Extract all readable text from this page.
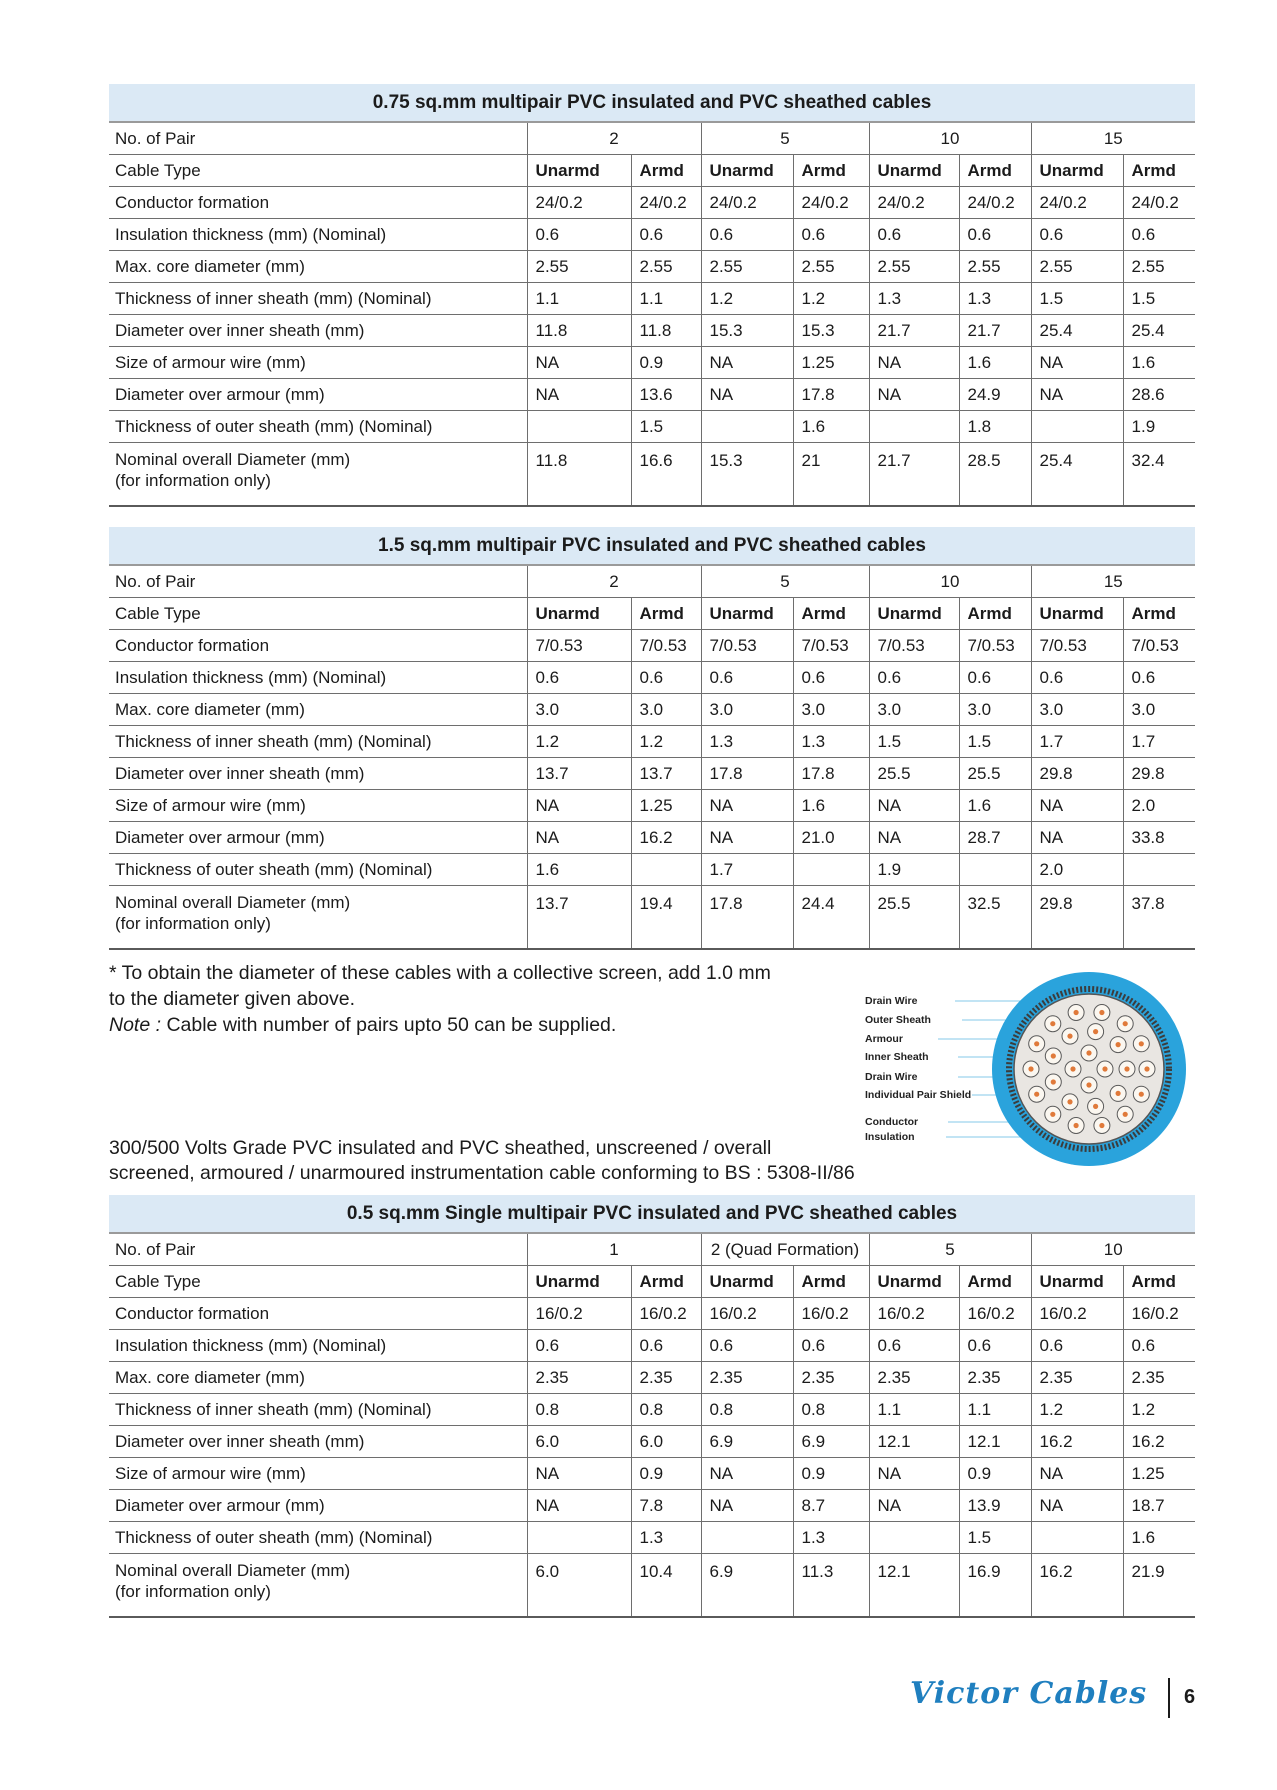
0.75 sq.mm multipair PVC insulated and PVC sheathed cables
No. of Pair	2		5		10		15	
Cable Type	Unarmd	Armd	Unarmd	Armd	Unarmd	Armd	Unarmd	Armd
Conductor formation	24/0.2	24/0.2	24/0.2	24/0.2	24/0.2	24/0.2	24/0.2	24/0.2
Insulation thickness (mm) (Nominal)	0.6	0.6	0.6	0.6	0.6	0.6	0.6	0.6
Max. core diameter (mm)	2.55	2.55	2.55	2.55	2.55	2.55	2.55	2.55
Thickness of inner sheath (mm) (Nominal)	1.1	1.1	1.2	1.2	1.3	1.3	1.5	1.5
Diameter over inner sheath (mm)	11.8	11.8	15.3	15.3	21.7	21.7	25.4	25.4
Size of armour wire (mm)	NA	0.9	NA	1.25	NA	1.6	NA	1.6
Diameter over armour (mm)	NA	13.6	NA	17.8	NA	24.9	NA	28.6
Thickness of outer sheath (mm) (Nominal)		1.5		1.6		1.8		1.9

Nominal overall Diameter (mm)
(for information only)	11.8	16.6	15.3	21	21.7	28.5	25.4	32.4
1.5 sq.mm multipair PVC insulated and PVC sheathed cables
No. of Pair	2		5		10		15	
Cable Type	Unarmd	Armd	Unarmd	Armd	Unarmd	Armd	Unarmd	Armd
Conductor formation	7/0.53	7/0.53	7/0.53	7/0.53	7/0.53	7/0.53	7/0.53	7/0.53
Insulation thickness (mm) (Nominal)	0.6	0.6	0.6	0.6	0.6	0.6	0.6	0.6
Max. core diameter (mm)	3.0	3.0	3.0	3.0	3.0	3.0	3.0	3.0
Thickness of inner sheath (mm) (Nominal)	1.2	1.2	1.3	1.3	1.5	1.5	1.7	1.7
Diameter over inner sheath (mm)	13.7	13.7	17.8	17.8	25.5	25.5	29.8	29.8
Size of armour wire (mm)	NA	1.25	NA	1.6	NA	1.6	NA	2.0
Diameter over armour (mm)	NA	16.2	NA	21.0	NA	28.7	NA	33.8
Thickness of outer sheath (mm) (Nominal)	1.6		1.7		1.9		2.0	

Nominal overall Diameter (mm)
(for information only)	13.7	19.4	17.8	24.4	25.5	32.5	29.8	37.8
* To obtain the diameter of these cables with a collective screen, add 1.0 mm
to the diameter given above.
Note : Cable with number of pairs upto 50 can be supplied.
Drain Wire
Outer Sheath
Armour
Inner Sheath
Drain Wire
Individual Pair Shield
Conductor
Insulation
300/500 Volts Grade PVC insulated and PVC sheathed, unscreened / overall
screened, armoured / unarmoured instrumentation cable conforming to BS : 5308-II/86
0.5 sq.mm Single multipair PVC insulated and PVC sheathed cables
No. of Pair	1		2 (Quad Formation)		5		10	
Cable Type	Unarmd	Armd	Unarmd	Armd	Unarmd	Armd	Unarmd	Armd
Conductor formation	16/0.2	16/0.2	16/0.2	16/0.2	16/0.2	16/0.2	16/0.2	16/0.2
Insulation thickness (mm) (Nominal)	0.6	0.6	0.6	0.6	0.6	0.6	0.6	0.6
Max. core diameter (mm)	2.35	2.35	2.35	2.35	2.35	2.35	2.35	2.35
Thickness of inner sheath (mm) (Nominal)	0.8	0.8	0.8	0.8	1.1	1.1	1.2	1.2
Diameter over inner sheath (mm)	6.0	6.0	6.9	6.9	12.1	12.1	16.2	16.2
Size of armour wire (mm)	NA	0.9	NA	0.9	NA	0.9	NA	1.25
Diameter over armour (mm)	NA	7.8	NA	8.7	NA	13.9	NA	18.7
Thickness of outer sheath (mm) (Nominal)		1.3		1.3		1.5		1.6

Nominal overall Diameter (mm)
(for information only)	6.0	10.4	6.9	11.3	12.1	16.9	16.2	21.9
Victor Cables 6
